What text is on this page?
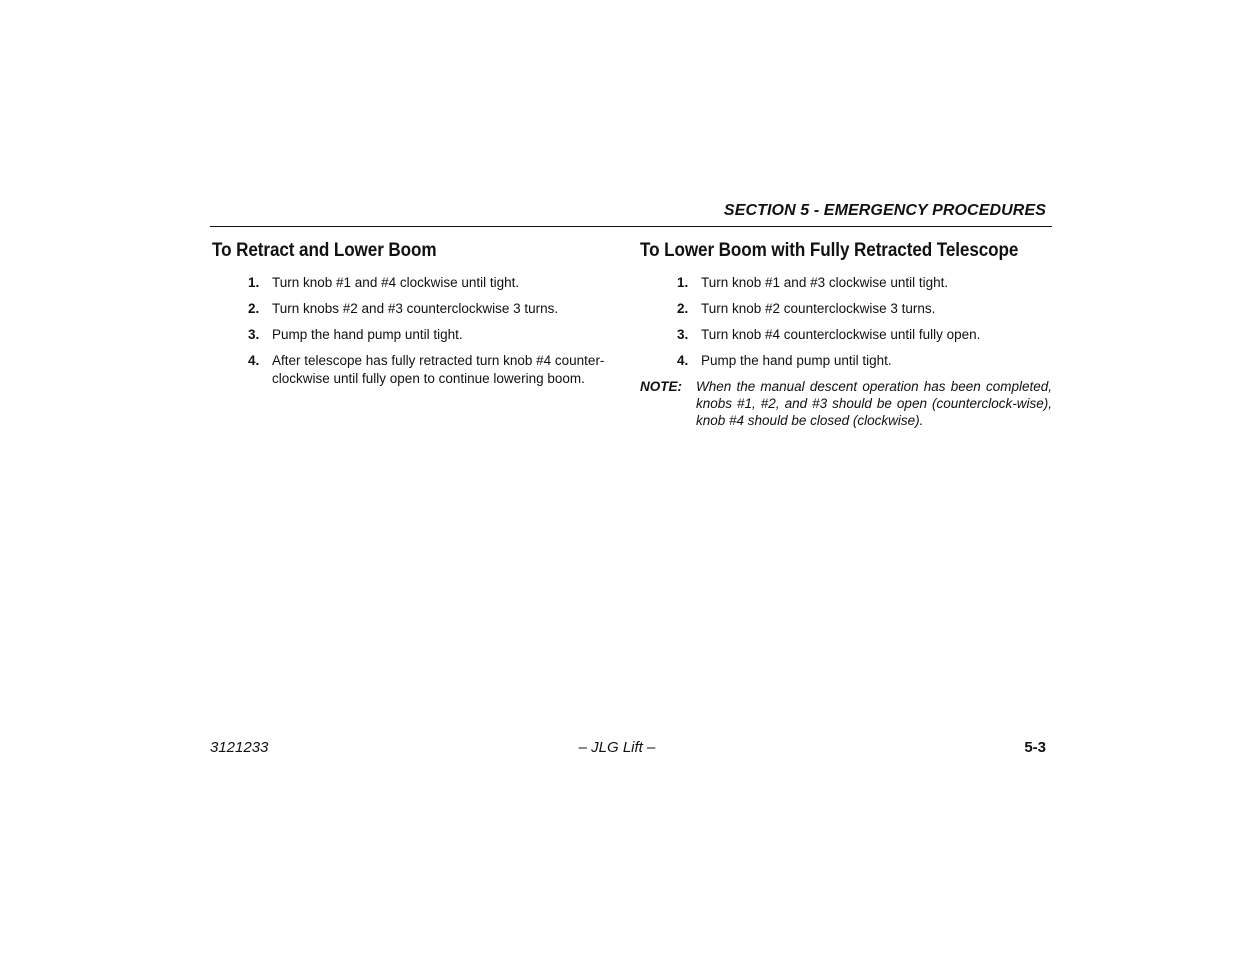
SECTION 5 - EMERGENCY PROCEDURES
To Retract and Lower Boom
1. Turn knob #1 and #4 clockwise until tight.
2. Turn knobs #2 and #3 counterclockwise 3 turns.
3. Pump the hand pump until tight.
4. After telescope has fully retracted turn knob #4 counter-clockwise until fully open to continue lowering boom.
To Lower Boom with Fully Retracted Telescope
1. Turn knob #1 and #3 clockwise until tight.
2. Turn knob #2 counterclockwise 3 turns.
3. Turn knob #4 counterclockwise until fully open.
4. Pump the hand pump until tight.
NOTE:	When the manual descent operation has been completed, knobs #1, #2, and #3 should be open (counterclock-wise), knob #4 should be closed (clockwise).
3121233	– JLG Lift –	5-3
